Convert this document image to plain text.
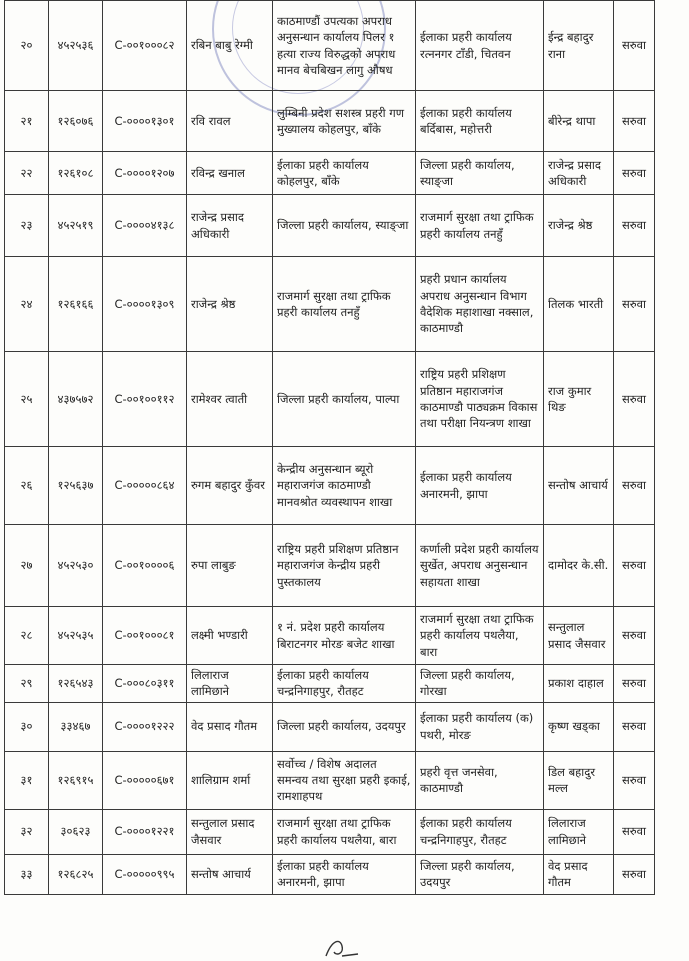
२०	४५२५३६	C-००१०००८२	रबिन बाबु रेग्मी	काठमाण्डौं उपत्यका अपराध अनुसन्धान कार्यालय पिलर १ हत्या राज्य विरुद्धको अपराध मानव बेचबिखन लागु औषध	ईलाका प्रहरी कार्यालय रत्ननगर टाँडी, चितवन	ईन्द्र बहादुर राना	सरुवा
२१	१२६०७६	C-००००१३०१	रवि रावल	लुम्बिनी प्रदेश सशस्त्र प्रहरी गण मुख्यालय कोहलपुर, बाँके	ईलाका प्रहरी कार्यालय बर्दिबास, महोत्तरी	बीरेन्द्र थापा	सरुवा
२२	१२६१०८	C-००००१२०७	रविन्द्र खनाल	ईलाका प्रहरी कार्यालय कोहलपुर, बाँके	जिल्ला प्रहरी कार्यालय, स्याङ्जा	राजेन्द्र प्रसाद अधिकारी	सरुवा
२३	४५२५१९	C-००००४१३८	राजेन्द्र प्रसाद अधिकारी	जिल्ला प्रहरी कार्यालय, स्याङ्जा	राजमार्ग सुरक्षा तथा ट्राफिक प्रहरी कार्यालय तनहुँ	राजेन्द्र श्रेष्ठ	सरुवा
२४	१२६१६६	C-००००१३०९	राजेन्द्र श्रेष्ठ	राजमार्ग सुरक्षा तथा ट्राफिक प्रहरी कार्यालय तनहुँ	प्रहरी प्रधान कार्यालय अपराध अनुसन्धान विभाग वैदेशिक महाशाखा नक्साल, काठमाण्डौ	तिलक भारती	सरुवा
२५	४३७५७२	C-००१००११२	रामेश्वर त्वाती	जिल्ला प्रहरी कार्यालय, पाल्पा	राष्ट्रिय प्रहरी प्रशिक्षण प्रतिष्ठान महाराजगंज काठमाण्डौ पाठ्यक्रम विकास तथा परीक्षा नियन्त्रण शाखा	राज कुमार थिङ	सरुवा
२६	१२५६३७	C-०००००८६४	रुगम बहादुर कुँवर	केन्द्रीय अनुसन्धान ब्यूरो महाराजगंज काठमाण्डौ मानवश्रोत व्यवस्थापन शाखा	ईलाका प्रहरी कार्यालय अनारमनी, झापा	सन्तोष आचार्य	सरुवा
२७	४५२५३०	C-००१००००६	रुपा लाबुङ	राष्ट्रिय प्रहरी प्रशिक्षण प्रतिष्ठान महाराजगंज केन्द्रीय प्रहरी पुस्तकालय	कर्णाली प्रदेश प्रहरी कार्यालय सुर्खेत, अपराध अनुसन्धान सहायता शाखा	दामोदर के.सी.	सरुवा
२८	४५२५३५	C-००१०००८१	लक्ष्मी भण्डारी	१ नं. प्रदेश प्रहरी कार्यालय बिराटनगर मोरङ बजेट शाखा	राजमार्ग सुरक्षा तथा ट्राफिक प्रहरी कार्यालय पथलैया, बारा	सन्तुलाल प्रसाद जैसवार	सरुवा
२९	१२६५४३	C-०००८०३११	लिलाराज लामिछाने	ईलाका प्रहरी कार्यालय चन्द्रनिगाहपुर, रौतहट	जिल्ला प्रहरी कार्यालय, गोरखा	प्रकाश दाहाल	सरुवा
३०	३३४६७	C-००००१२२२	वेद प्रसाद गौतम	जिल्ला प्रहरी कार्यालय, उदयपुर	ईलाका प्रहरी कार्यालय (क) पथरी, मोरङ	कृष्ण खड्का	सरुवा
३१	१२६९१५	C-०००००६७१	शालिग्राम शर्मा	सर्वोच्च / विशेष अदालत समन्वय तथा सुरक्षा प्रहरी इकाई, रामशाहपथ	प्रहरी वृत्त जनसेवा, काठमाण्डौ	डिल बहादुर मल्ल	सरुवा
३२	३०६२३	C-००००१२२१	सन्तुलाल प्रसाद जैसवार	राजमार्ग सुरक्षा तथा ट्राफिक प्रहरी कार्यालय पथलैया, बारा	ईलाका प्रहरी कार्यालय चन्द्रनिगाहपुर, रौतहट	लिलाराज लामिछाने	सरुवा
३३	१२६८२५	C-०००००९९५	सन्तोष आचार्य	ईलाका प्रहरी कार्यालय अनारमनी, झापा	जिल्ला प्रहरी कार्यालय, उदयपुर	वेद प्रसाद गौतम	सरुवा
